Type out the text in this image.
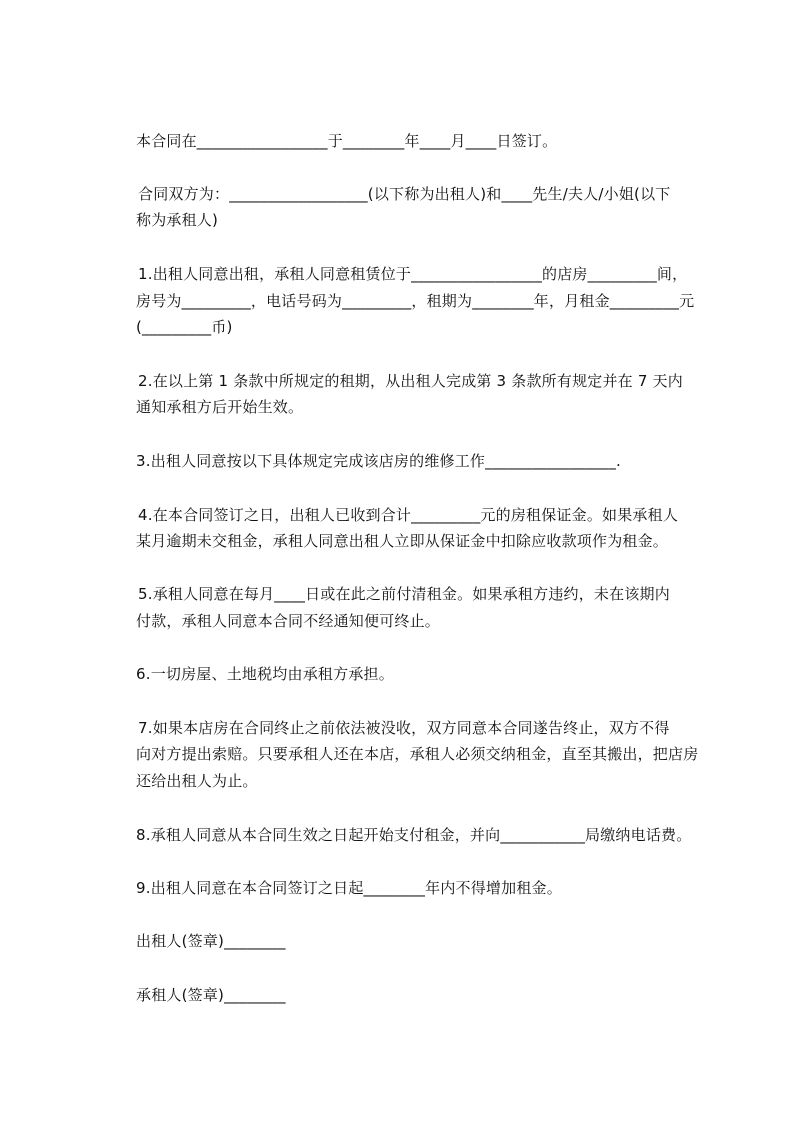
本合同在_________________于________年____月____日签订。
合同双方为：__________________(以下称为出租人)和____先生/夫人/小姐(以下
称为承租人)
1.出租人同意出租，承租人同意租赁位于_________________的店房_________间，
房号为_________，电话号码为_________，租期为________年，月租金_________元
(_________币)
2.在以上第 1 条款中所规定的租期，从出租人完成第 3 条款所有规定并在 7 天内
通知承租方后开始生效。
3.出租人同意按以下具体规定完成该店房的维修工作_________________.
4.在本合同签订之日，出租人已收到合计_________元的房租保证金。如果承租人
某月逾期未交租金，承租人同意出租人立即从保证金中扣除应收款项作为租金。
5.承租人同意在每月____日或在此之前付清租金。如果承租方违约，未在该期内
付款，承租人同意本合同不经通知便可终止。
6.一切房屋、土地税均由承租方承担。
7.如果本店房在合同终止之前依法被没收，双方同意本合同遂告终止，双方不得
向对方提出索赔。只要承租人还在本店，承租人必须交纳租金，直至其搬出，把店房
还给出租人为止。
8.承租人同意从本合同生效之日起开始支付租金，并向___________局缴纳电话费。
9.出租人同意在本合同签订之日起________年内不得增加租金。
出租人(签章)________
承租人(签章)________
